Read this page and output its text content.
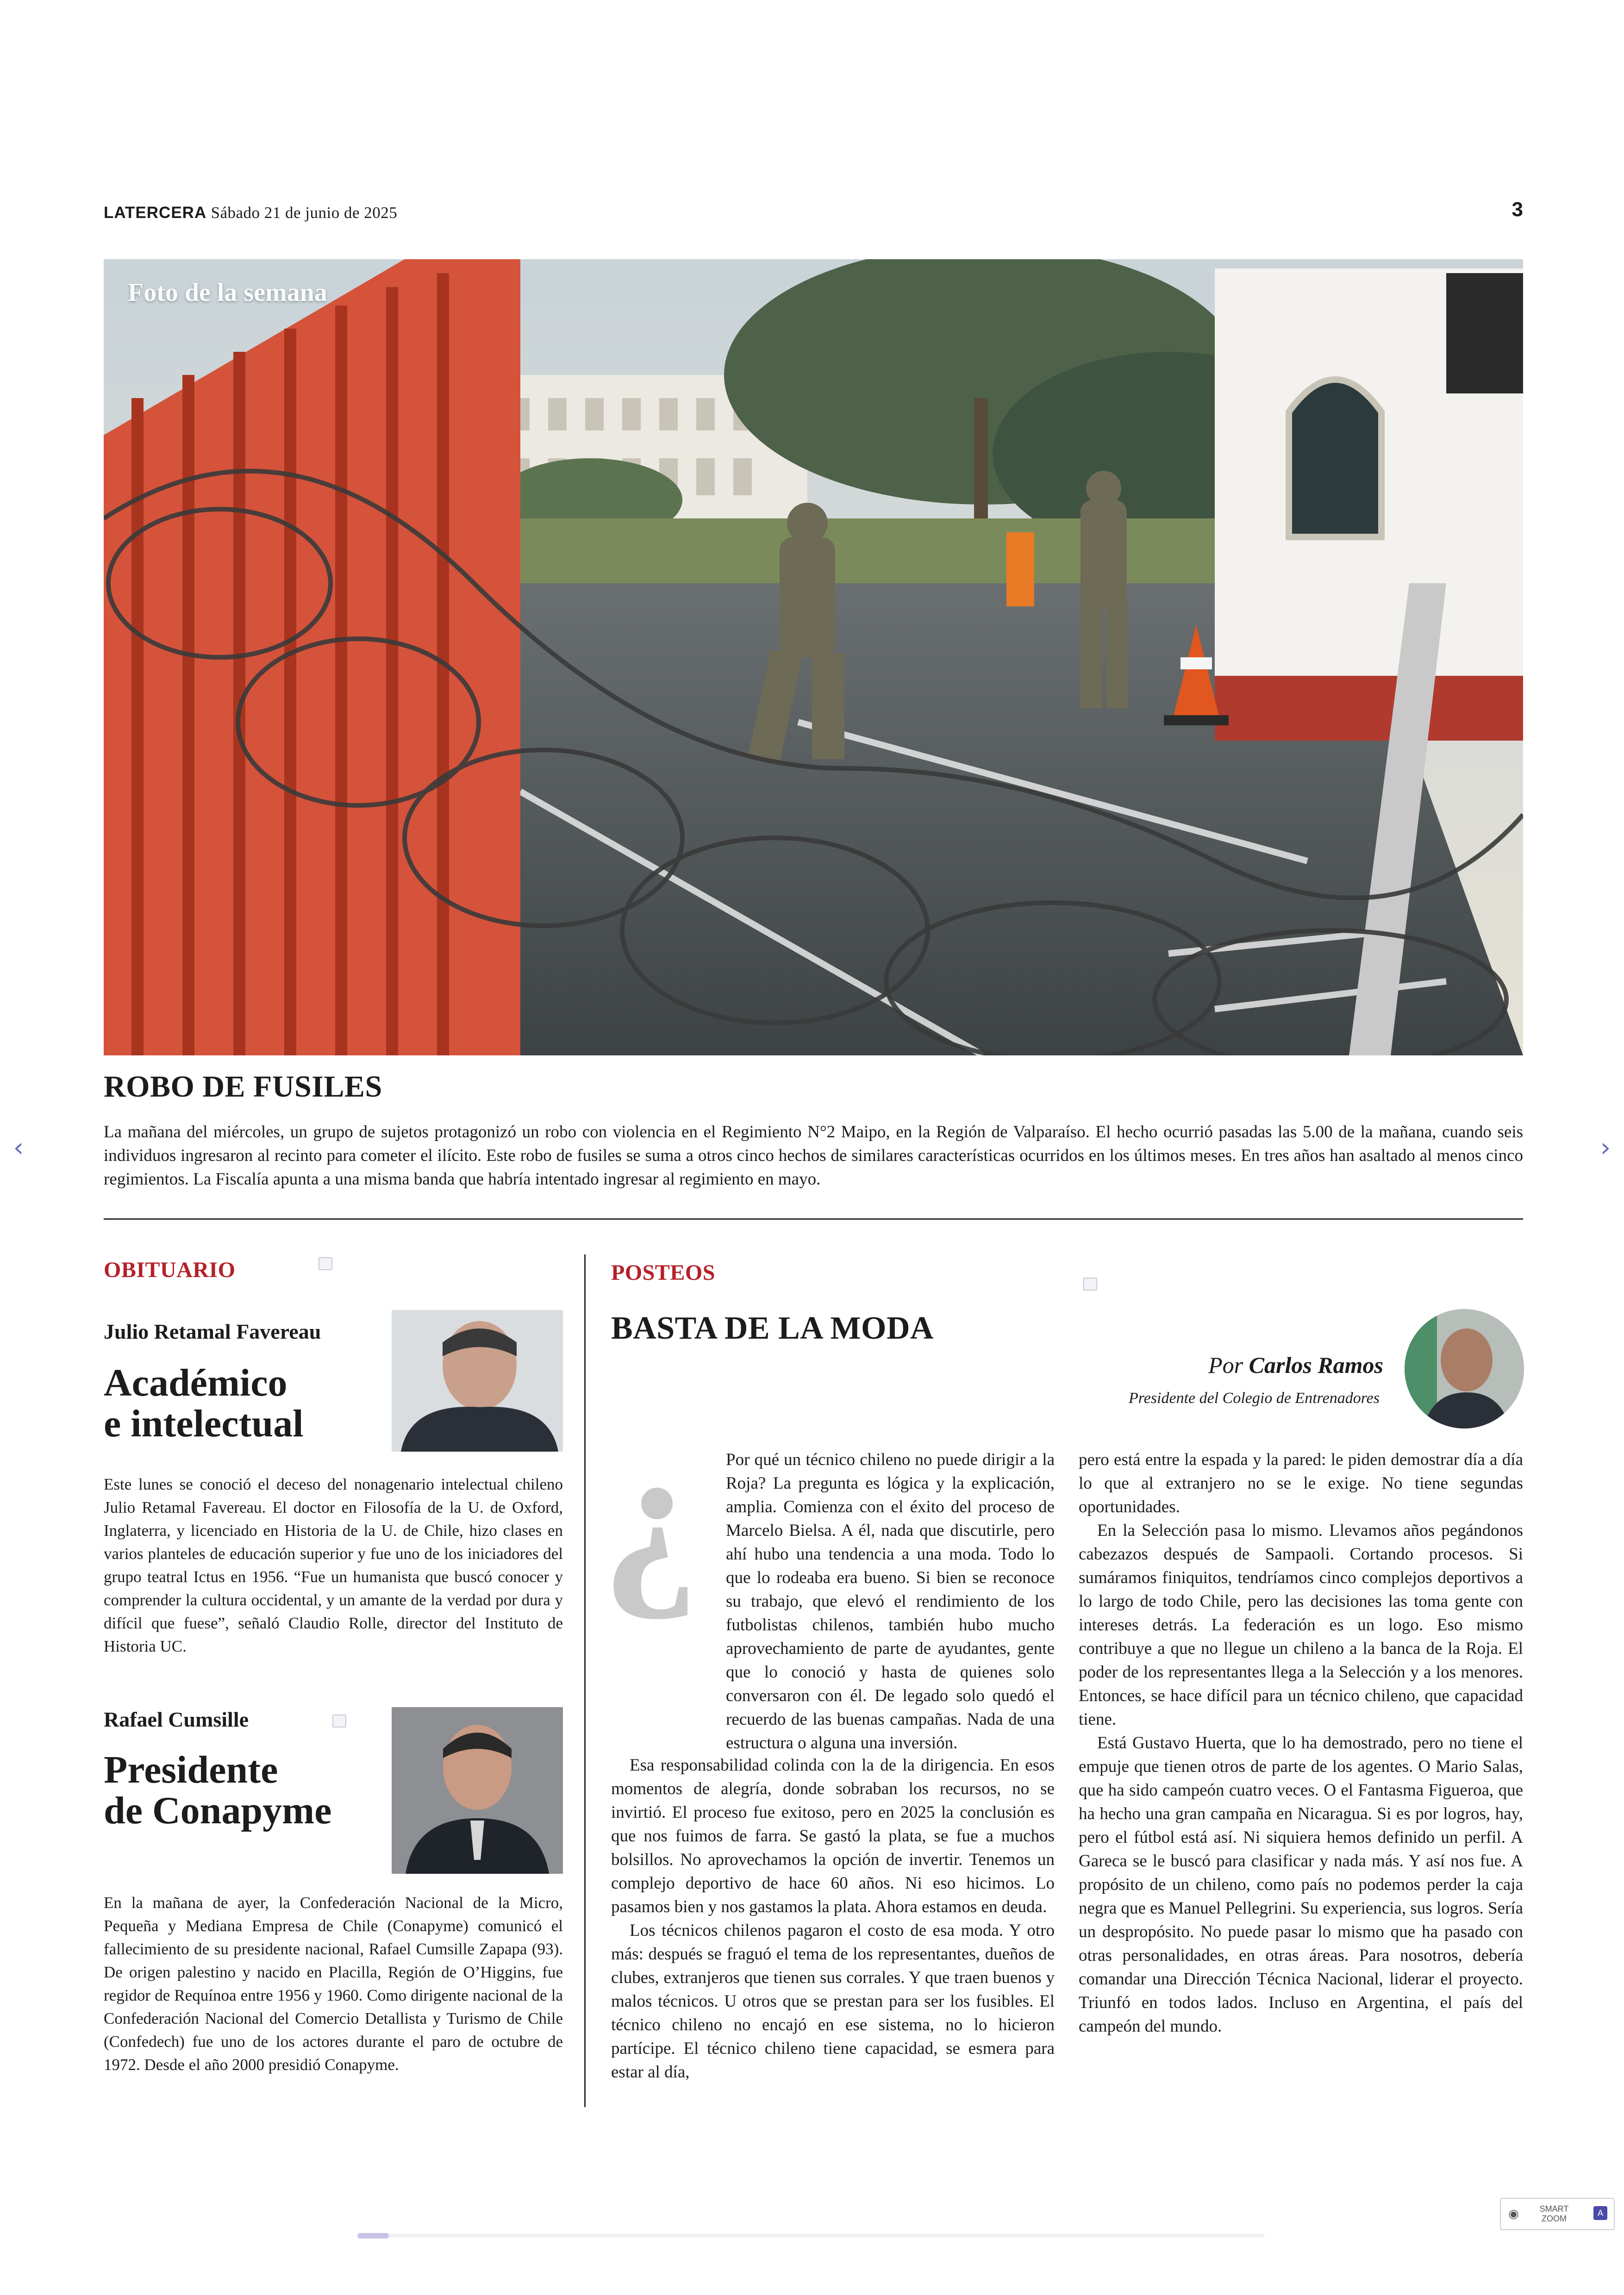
LATERCERA Sábado 21 de junio de 2025	3
Foto de la semana
ROBO DE FUSILES
La mañana del miércoles, un grupo de sujetos protagonizó un robo con violencia en el Regimiento N°2 Maipo, en la Región de Valparaíso. El hecho ocurrió pasadas las 5.00 de la mañana, cuando seis individuos ingresaron al recinto para cometer el ilícito. Este robo de fusiles se suma a otros cinco hechos de similares características ocurridos en los últimos meses. En tres años han asaltado al menos cinco regimientos. La Fiscalía apunta a una misma banda que habría intentado ingresar al regimiento en mayo.
OBITUARIO
Julio Retamal Favereau
Académico
e intelectual
Este lunes se conoció el deceso del nonagenario intelectual chileno Julio Retamal Favereau. El doctor en Filosofía de la U. de Oxford, Inglaterra, y licenciado en Historia de la U. de Chile, hizo clases en varios planteles de educación superior y fue uno de los iniciadores del grupo teatral Ictus en 1956. “Fue un humanista que buscó conocer y comprender la cultura occidental, y un amante de la verdad por dura y difícil que fuese”, señaló Claudio Rolle, director del Instituto de Historia UC.
Rafael Cumsille
Presidente
de Conapyme
En la mañana de ayer, la Confederación Nacional de la Micro, Pequeña y Mediana Empresa de Chile (Conapyme) comunicó el fallecimiento de su presidente nacional, Rafael Cumsille Zapapa (93). De origen palestino y nacido en Placilla, Región de O’Higgins, fue regidor de Requínoa entre 1956 y 1960. Como dirigente nacional de la Confederación Nacional del Comercio Detallista y Turismo de Chile (Confedech) fue uno de los actores durante el paro de octubre de 1972. Desde el año 2000 presidió Conapyme.
POSTEOS
BASTA DE LA MODA
Por Carlos Ramos
Presidente del Colegio de Entrenadores
¿ Por qué un técnico chileno no puede dirigir a la Roja? La pregunta es lógica y la explicación, amplia. Comienza con el éxito del proceso de Marcelo Bielsa. A él, nada que discutirle, pero ahí hubo una tendencia a una moda. Todo lo que lo rodeaba era bueno. Si bien se reconoce su trabajo, que elevó el rendimiento de los futbolistas chilenos, también hubo mucho aprovechamiento de parte de ayudantes, gente que lo conoció y hasta de quienes solo conversaron con él. De legado solo quedó el recuerdo de las buenas campañas. Nada de una estructura o alguna una inversión.

Esa responsabilidad colinda con la de la dirigencia. En esos momentos de alegría, donde sobraban los recursos, no se invirtió. El proceso fue exitoso, pero en 2025 la conclusión es que nos fuimos de farra. Se gastó la plata, se fue a muchos bolsillos. No aprovechamos la opción de invertir. Tenemos un complejo deportivo de hace 60 años. Ni eso hicimos. Lo pasamos bien y nos gastamos la plata. Ahora estamos en deuda.

Los técnicos chilenos pagaron el costo de esa moda. Y otro más: después se fraguó el tema de los representantes, dueños de clubes, extranjeros que tienen sus corrales. Y que traen buenos y malos técnicos. U otros que se prestan para ser los fusibles. El técnico chileno no encajó en ese sistema, no lo hicieron partícipe. El técnico chileno tiene capacidad, se esmera para estar al día,

pero está entre la espada y la pared: le piden demostrar día a día lo que al extranjero no se le exige. No tiene segundas oportunidades.

En la Selección pasa lo mismo. Llevamos años pegándonos cabezazos después de Sampaoli. Cortando procesos. Si sumáramos finiquitos, tendríamos cinco complejos deportivos a lo largo de todo Chile, pero las decisiones las toma gente con intereses detrás. La federación es un logo. Eso mismo contribuye a que no llegue un chileno a la banca de la Roja. El poder de los representantes llega a la Selección y a los menores. Entonces, se hace difícil para un técnico chileno, que capacidad tiene.

Está Gustavo Huerta, que lo ha demostrado, pero no tiene el empuje que tienen otros de parte de los agentes. O Mario Salas, que ha sido campeón cuatro veces. O el Fantasma Figueroa, que ha hecho una gran campaña en Nicaragua. Si es por logros, hay, pero el fútbol está así. Ni siquiera hemos definido un perfil. A Gareca se le buscó para clasificar y nada más. Y así nos fue. A propósito de un chileno, como país no podemos perder la caja negra que es Manuel Pellegrini. Su experiencia, sus logros. Sería un despropósito. No puede pasar lo mismo que ha pasado con otras personalidades, en otras áreas. Para nosotros, debería comandar una Dirección Técnica Nacional, liderar el proyecto. Triunfó en todos lados. Incluso en Argentina, el país del campeón del mundo.

‹	›
◉	SMART
ZOOM
A
